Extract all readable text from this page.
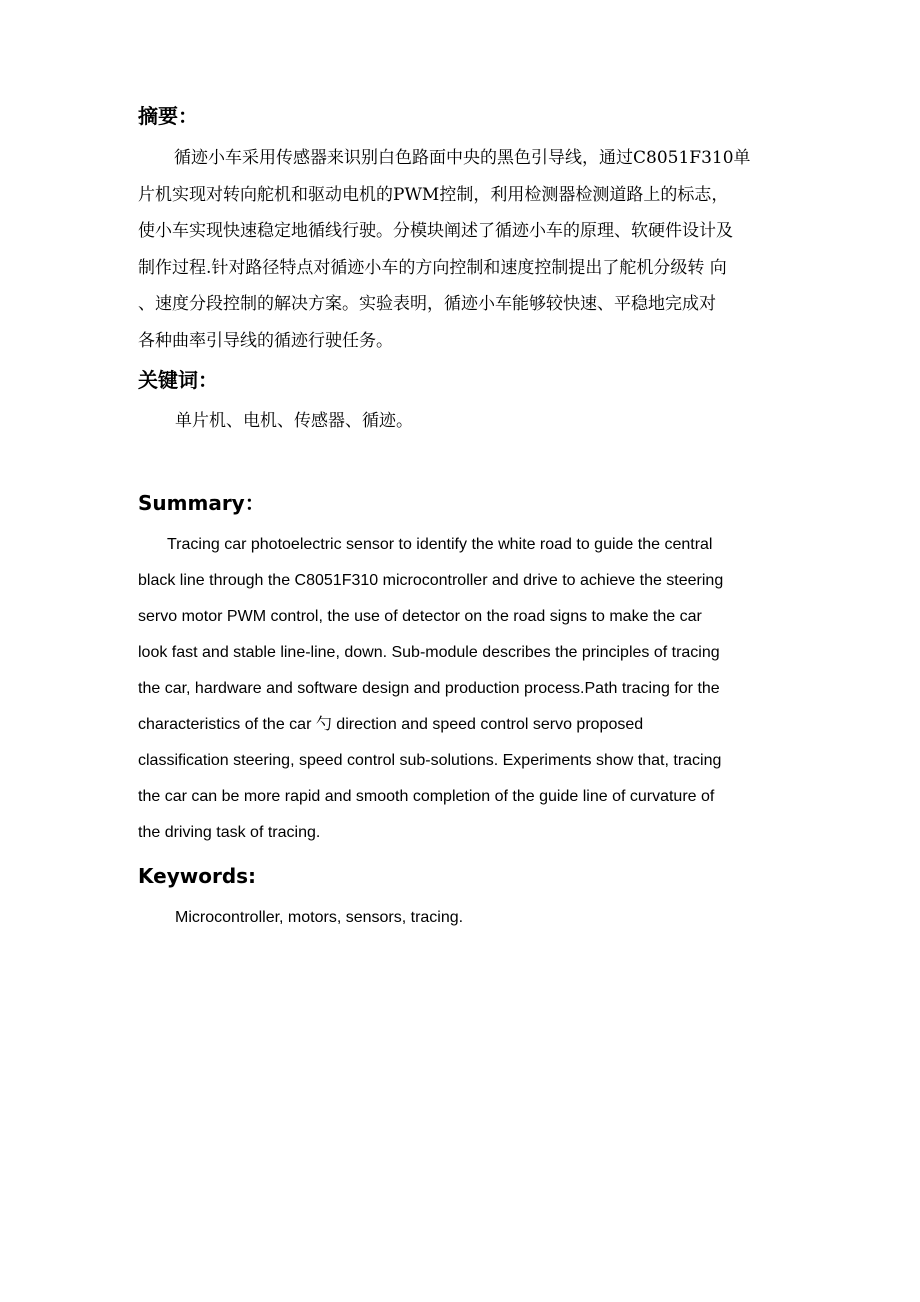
摘要：
循迹小车采用传感器来识别白色路面中央的黑色引导线，通过C8051F310单
片机实现对转向舵机和驱动电机的PWM控制，利用检测器检测道路上的标志，
使小车实现快速稳定地循线行驶。分模块阐述了循迹小车的原理、软硬件设计及
制作过程.针对路径特点对循迹小车的方向控制和速度控制提出了舵机分级转 向
、速度分段控制的解决方案。实验表明，循迹小车能够较快速、平稳地完成对
各种曲率引导线的循迹行驶任务。
关键词：

单片机、电机、传感器、循迹。

Summary：
Tracing car photoelectric sensor to identify the white road to guide the central
black line through the C8051F310 microcontroller and drive to achieve the steering
servo motor PWM control, the use of detector on the road signs to make the car
look fast and stable line-line, down. Sub-module describes the principles of tracing
the car, hardware and software design and production process.Path tracing for the
characteristics of the car 勺 direction and speed control servo proposed
classification steering, speed control sub-solutions. Experiments show that, tracing
the car can be more rapid and smooth completion of the guide line of curvature of
the driving task of tracing.
Keywords:

Microcontroller, motors, sensors, tracing.
